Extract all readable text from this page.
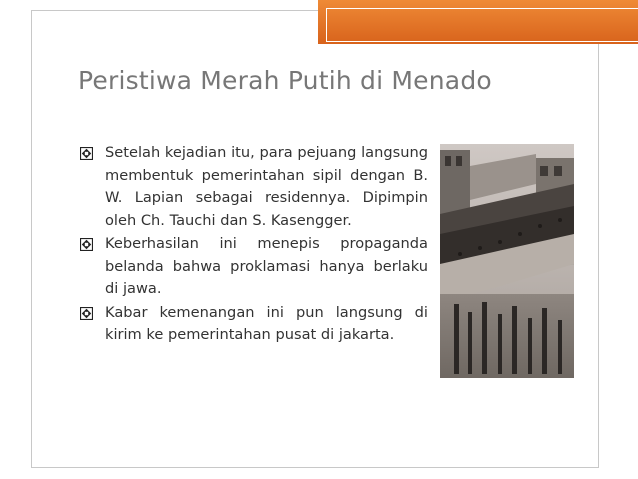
Peristiwa Merah Putih di Menado
Setelah kejadian itu, para pejuang langsung membentuk pemerintahan sipil dengan B. W. Lapian sebagai residennya. Dipimpin oleh Ch. Tauchi dan S. Kasengger.
Keberhasilan ini menepis propaganda belanda bahwa proklamasi hanya berlaku di jawa.
Kabar kemenangan ini pun langsung di kirim ke pemerintahan pusat di jakarta.
